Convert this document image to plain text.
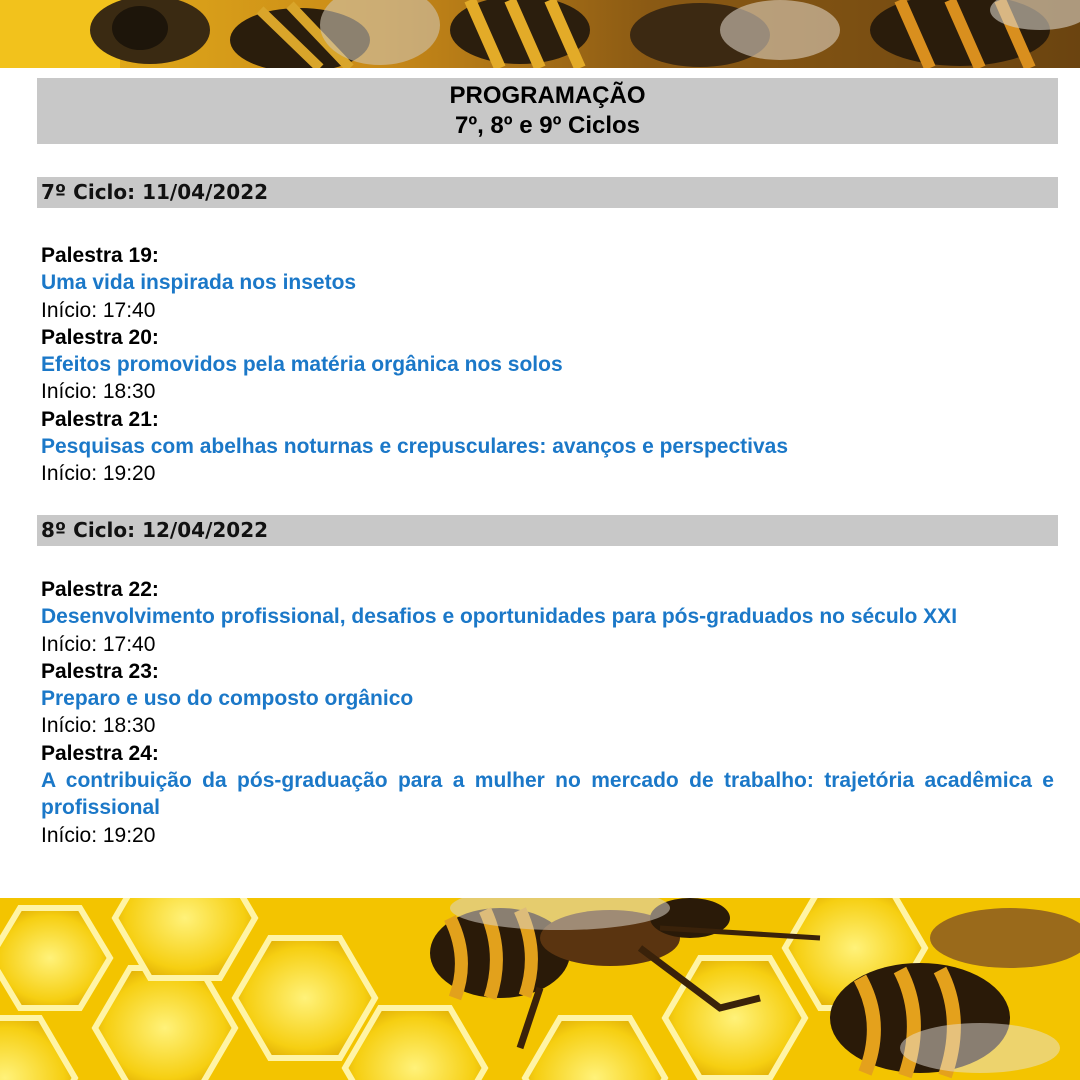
PROGRAMAÇÃO
7º, 8º e 9º Ciclos
7º Ciclo: 11/04/2022
Palestra 19:
Uma vida inspirada nos insetos
Início: 17:40
Palestra 20:
Efeitos promovidos pela matéria orgânica nos solos
Início: 18:30
Palestra 21:
Pesquisas com abelhas noturnas e crepusculares: avanços e perspectivas
Início: 19:20
8º Ciclo: 12/04/2022
Palestra 22:
Desenvolvimento profissional, desafios e oportunidades para pós-graduados no século XXI
Início: 17:40
Palestra 23:
Preparo e uso do composto orgânico
Início: 18:30
Palestra 24:
A contribuição da pós-graduação para a mulher no mercado de trabalho: trajetória acadêmica e profissional
Início: 19:20
